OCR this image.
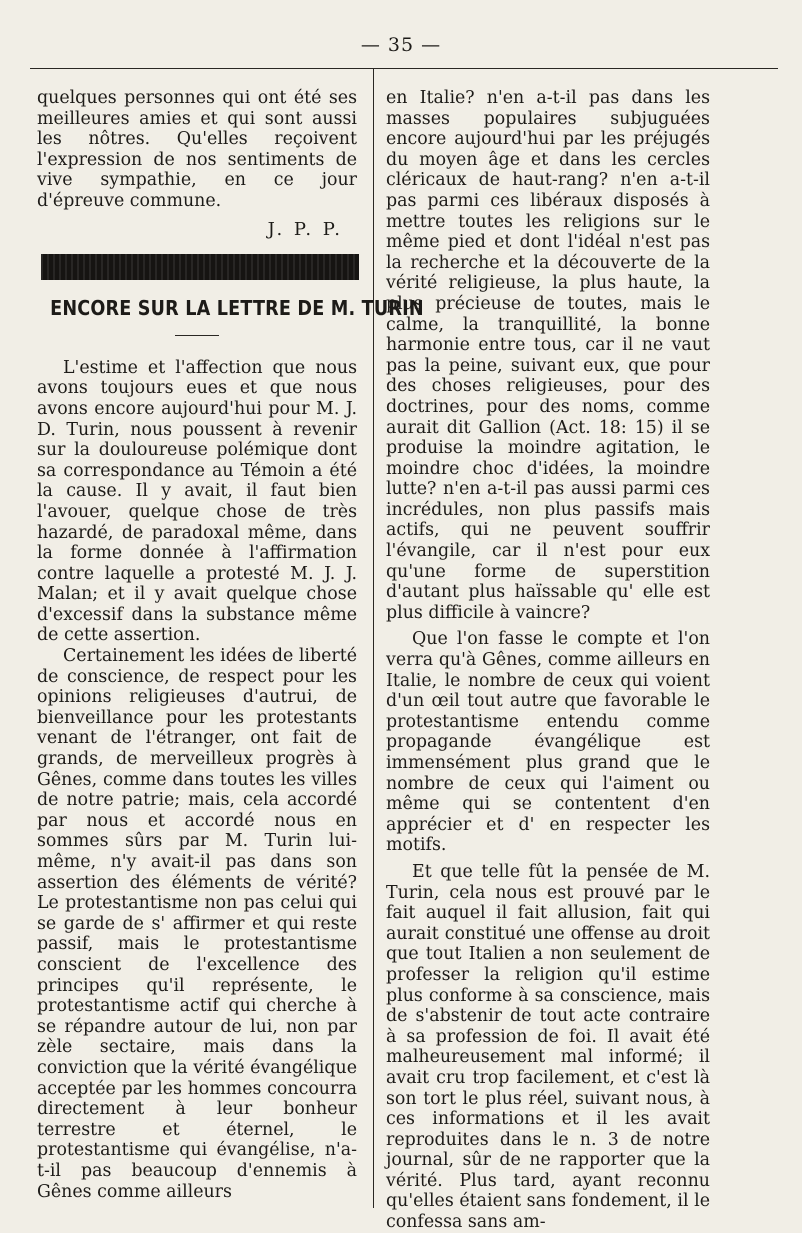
— 35 —

quelques personnes qui ont été ses meilleures amies et qui sont aussi les nôtres. Qu'elles reçoivent l'expression de nos sentiments de vive sympathie, en ce jour d'épreuve commune.

J. P. P.

ENCORE SUR LA LETTRE DE M. TURIN

L'estime et l'affection que nous avons toujours eues et que nous avons encore aujourd'hui pour M. J. D. Turin, nous poussent à revenir sur la douloureuse polémique dont sa correspondance au Témoin a été la cause. Il y avait, il faut bien l'avouer, quelque chose de très hazardé, de paradoxal même, dans la forme donnée à l'affirmation contre laquelle a protesté M. J. J. Malan; et il y avait quelque chose d'excessif dans la substance même de cette assertion.

Certainement les idées de liberté de conscience, de respect pour les opinions religieuses d'autrui, de bienveillance pour les protestants venant de l'étranger, ont fait de grands, de merveilleux progrès à Gênes, comme dans toutes les villes de notre patrie; mais, cela accordé par nous et accordé nous en sommes sûrs par M. Turin lui-même, n'y avait-il pas dans son assertion des éléments de vérité? Le protestantisme non pas celui qui se garde de s' affirmer et qui reste passif, mais le protestantisme conscient de l'excellence des principes qu'il représente, le protestantisme actif qui cherche à se répandre autour de lui, non par zèle sectaire, mais dans la conviction que la vérité évangélique acceptée par les hommes concourra directement à leur bonheur terrestre et éternel, le protestantisme qui évangélise, n'a-t-il pas beaucoup d'ennemis à Gênes comme ailleurs

en Italie? n'en a-t-il pas dans les masses populaires subjuguées encore aujourd'hui par les préjugés du moyen âge et dans les cercles cléricaux de haut-rang? n'en a-t-il pas parmi ces libéraux disposés à mettre toutes les religions sur le même pied et dont l'idéal n'est pas la recherche et la découverte de la vérité religieuse, la plus haute, la plus précieuse de toutes, mais le calme, la tranquillité, la bonne harmonie entre tous, car il ne vaut pas la peine, suivant eux, que pour des choses religieuses, pour des doctrines, pour des noms, comme aurait dit Gallion (Act. 18: 15) il se produise la moindre agitation, le moindre choc d'idées, la moindre lutte? n'en a-t-il pas aussi parmi ces incrédules, non plus passifs mais actifs, qui ne peuvent souffrir l'évangile, car il n'est pour eux qu'une forme de superstition d'autant plus haïssable qu' elle est plus difficile à vaincre?

Que l'on fasse le compte et l'on verra qu'à Gênes, comme ailleurs en Italie, le nombre de ceux qui voient d'un œil tout autre que favorable le protestantisme entendu comme propagande évangélique est immensément plus grand que le nombre de ceux qui l'aiment ou même qui se contentent d'en apprécier et d' en respecter les motifs.

Et que telle fût la pensée de M. Turin, cela nous est prouvé par le fait auquel il fait allusion, fait qui aurait constitué une offense au droit que tout Italien a non seulement de professer la religion qu'il estime plus conforme à sa conscience, mais de s'abstenir de tout acte contraire à sa profession de foi. Il avait été malheureusement mal informé; il avait cru trop facilement, et c'est là son tort le plus réel, suivant nous, à ces informations et il les avait reproduites dans le n. 3 de notre journal, sûr de ne rapporter que la vérité. Plus tard, ayant reconnu qu'elles étaient sans fondement, il le confessa sans am-
